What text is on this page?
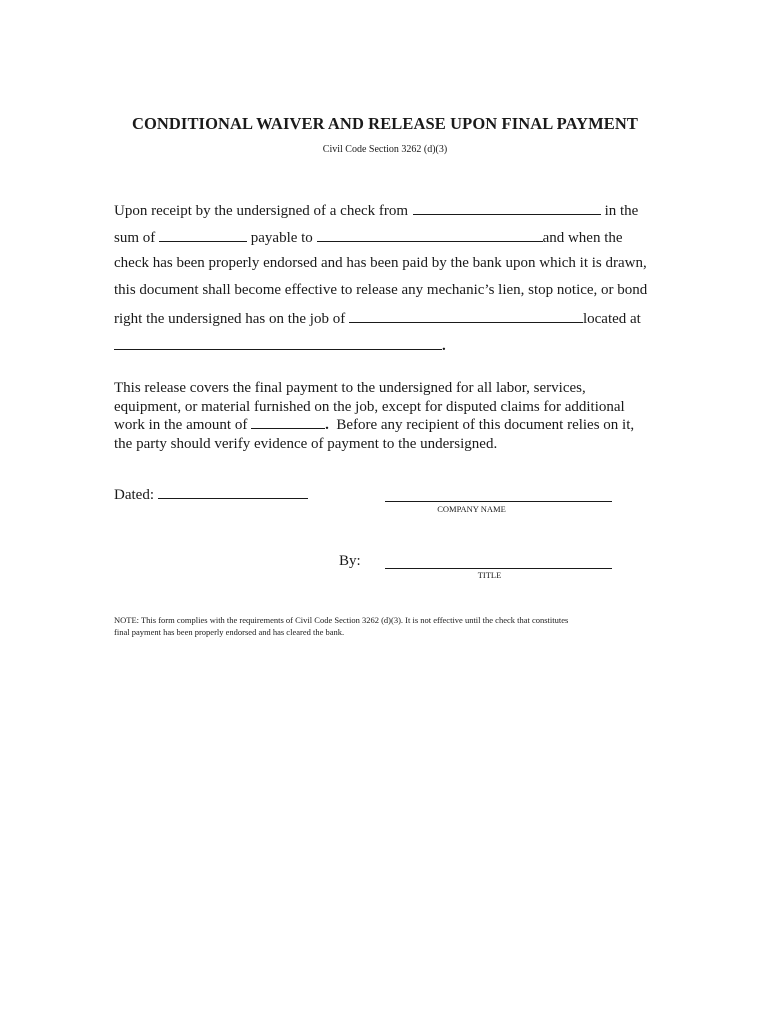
CONDITIONAL WAIVER AND RELEASE UPON FINAL PAYMENT
Civil Code Section 3262 (d)(3)
Upon receipt by the undersigned of a check from	in the
sum of	payable to	and when the
check has been properly endorsed and has been paid by the bank upon which it is drawn,
this document shall become effective to release any mechanic’s lien, stop notice, or bond
right the undersigned has on the job of	located at
.
This release covers the final payment to the undersigned for all labor, services,
equipment, or material furnished on the job, except for disputed claims for additional
work in the amount of	. Before any recipient of this document relies on it,
the party should verify evidence of payment to the undersigned.
Dated:
COMPANY NAME
By:
TITLE
NOTE: This form complies with the requirements of Civil Code Section 3262 (d)(3). It is not effective until the check that constitutes
final payment has been properly endorsed and has cleared the bank.
